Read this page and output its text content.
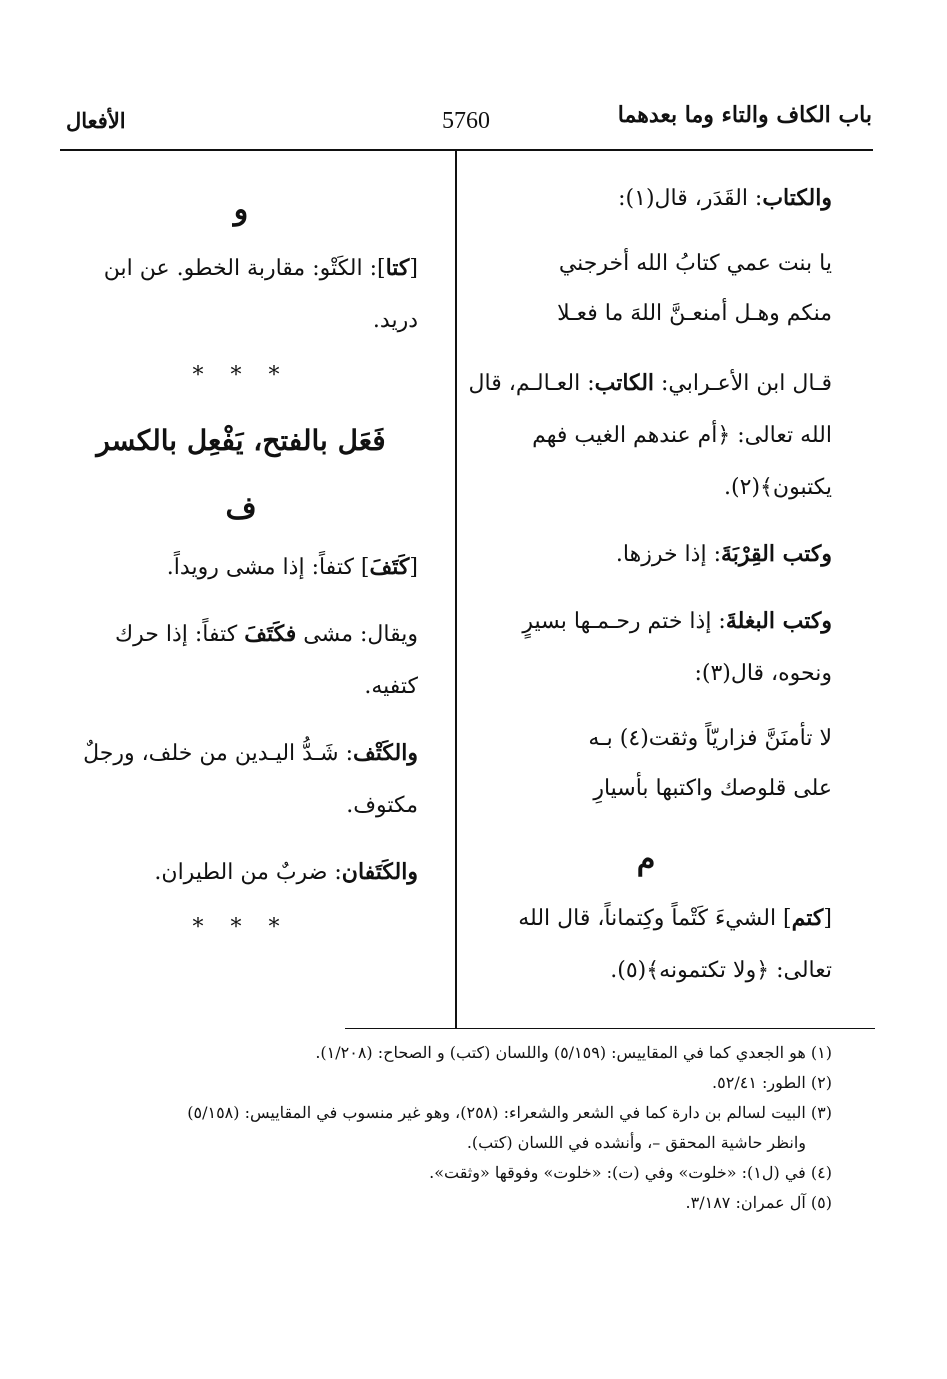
باب الكاف والتاء وما بعدهما
5760
الأفعال

والكتاب: القَدَر، قال(١):

يا بنت عمي كتابُ الله أخرجني

منكم وهـل أمنعـنَّ اللهَ ما فعـلا

قـال ابن الأعـرابي: الكاتب: العـالـم، قال الله تعالى: ﴿أم عندهم الغيب فهم يكتبون﴾(٢).

وكتب القِرْبَةَ: إذا خرزها.

وكتب البغلةَ: إذا ختم رحـمـها بسيرٍ ونحوه، قال(٣):

لا تأمنَنَّ فزاريّاً وثقت(٤) بـه

على قلوصك واكتبها بأسيارِ

م

[كتم] الشيءَ كَتْماً وكِتماناً، قال الله تعالى: ﴿ولا تكتمونه﴾(٥).

و

[كتا]: الكَتْو: مقاربة الخطو. عن ابن دريد.

* * *
فَعَل بالفتح، يَفْعِل بالكسر
ف

[كَتَفَ] كتفاً: إذا مشى رويداً.

ويقال: مشى فكَتَفَ كتفاً: إذا حرك كتفيه.

والكَتْف: شَـدُّ اليـدين من خلف، ورجلٌ مكتوف.

والكَتَفان: ضربٌ من الطيران.

* * *

(١) هو الجعدي كما في المقاييس: (٥/١٥٩) واللسان (كتب) و الصحاح: (١/٢٠٨).

(٢) الطور: ٥٢/٤١.

(٣) البيت لسالم بن دارة كما في الشعر والشعراء: (٢٥٨)، وهو غير منسوب في المقاييس: (٥/١٥٨)

وانظر حاشية المحقق –، وأنشده في اللسان (كتب).

(٤) في (ل١): «خلوت» وفي (ت): «خلوت» وفوقها «وثقت».

(٥) آل عمران: ٣/١٨٧.
